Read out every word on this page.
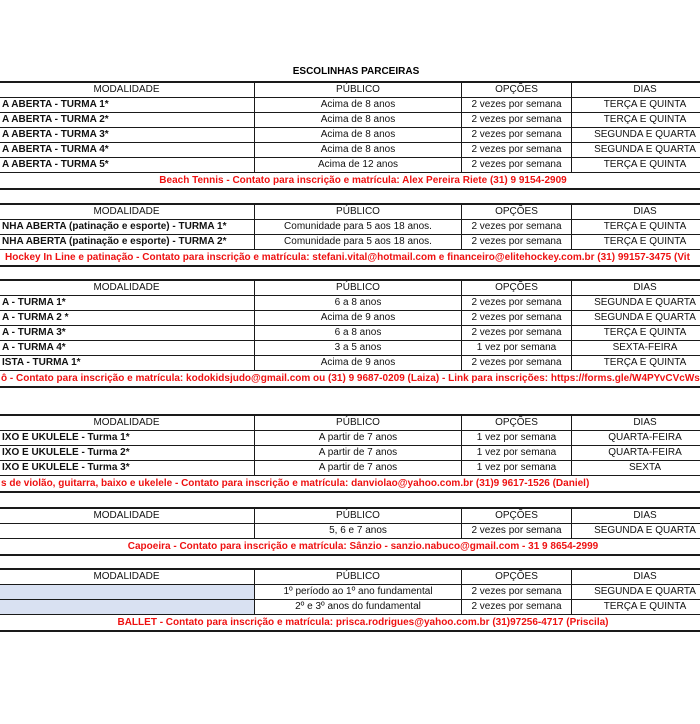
ESCOLINHAS PARCEIRAS
MODALIDADE	PÚBLICO	OPÇÕES	DIAS
A ABERTA - TURMA 1*	Acima de 8 anos	2 vezes por semana	TERÇA E QUINTA
A ABERTA - TURMA 2*	Acima de 8 anos	2 vezes por semana	TERÇA E QUINTA
A ABERTA - TURMA 3*	Acima de 8 anos	2 vezes por semana	SEGUNDA E QUARTA
A ABERTA - TURMA 4*	Acima de 8 anos	2 vezes por semana	SEGUNDA E QUARTA
A ABERTA - TURMA 5*	Acima de 12 anos	2 vezes por semana	TERÇA E QUINTA
Beach Tennis - Contato para inscrição e matrícula: Alex Pereira Riete (31) 9 9154-2909			
MODALIDADE	PÚBLICO	OPÇÕES	DIAS
NHA ABERTA (patinação e esporte) - TURMA 1*	Comunidade para 5 aos 18 anos.	2 vezes por semana	TERÇA E QUINTA
NHA ABERTA (patinação e esporte) - TURMA 2*	Comunidade para 5 aos 18 anos.	2 vezes por semana	TERÇA E QUINTA
Hockey In Line e patinação - Contato para inscrição e matrícula: stefani.vital@hotmail.com e financeiro@elitehockey.com.br (31) 99157-3475 (Vit			
MODALIDADE	PÚBLICO	OPÇÕES	DIAS
A - TURMA 1*	6 a 8 anos	2 vezes por semana	SEGUNDA E QUARTA
A - TURMA 2 *	Acima de 9 anos	2 vezes por semana	SEGUNDA E QUARTA
A - TURMA 3*	6 a 8 anos	2 vezes por semana	TERÇA E QUINTA
A - TURMA 4*	3 a 5 anos	1 vez por semana	SEXTA-FEIRA
ISTA - TURMA 1*	Acima de 9 anos	2 vezes por semana	TERÇA E QUINTA
ô - Contato para inscrição e matrícula: kodokidsjudo@gmail.com ou (31) 9 9687-0209 (Laiza) - Link para inscrições: https://forms.gle/W4PYvCVcWs			
MODALIDADE	PÚBLICO	OPÇÕES	DIAS
IXO E UKULELE - Turma 1*	A partir de 7 anos	1 vez por semana	QUARTA-FEIRA
IXO E UKULELE - Turma 2*	A partir de 7 anos	1 vez por semana	QUARTA-FEIRA
IXO E UKULELE - Turma 3*	A partir de 7 anos	1 vez por semana	SEXTA
s de violão, guitarra, baixo e ukelele - Contato para inscrição e matrícula: danviolao@yahoo.com.br (31)9 9617-1526 (Daniel)			
MODALIDADE	PÚBLICO	OPÇÕES	DIAS
	5, 6 e 7 anos	2 vezes por semana	SEGUNDA E QUARTA
Capoeira - Contato para inscrição e matrícula: Sânzio - sanzio.nabuco@gmail.com - 31 9 8654-2999			
MODALIDADE	PÚBLICO	OPÇÕES	DIAS
	1º período ao 1º ano fundamental	2 vezes por semana	SEGUNDA E QUARTA
	2º e 3º anos do fundamental	2 vezes por semana	TERÇA E QUINTA
BALLET - Contato para inscrição e matrícula: prisca.rodrigues@yahoo.com.br (31)97256-4717 (Priscila)			
